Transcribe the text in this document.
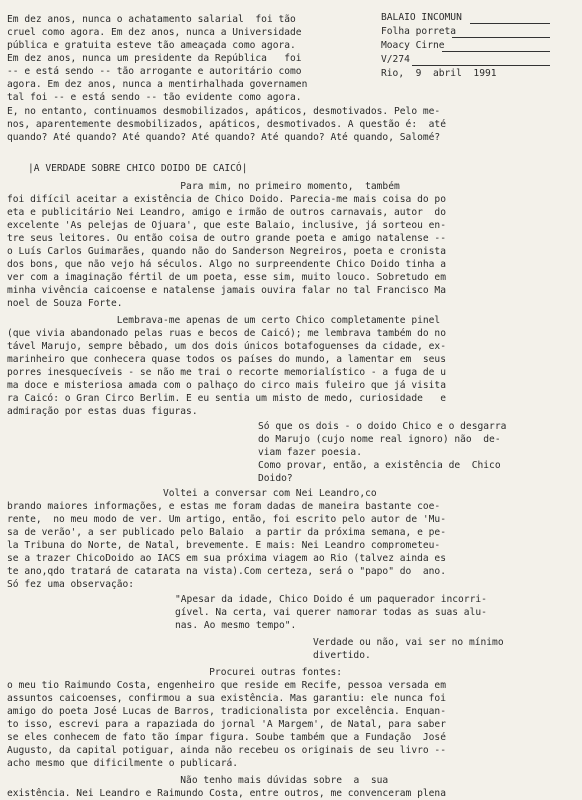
BALAIO INCOMUN
Folha porreta
Moacy Cirne
V/274
Rio,  9  abril  1991

Em dez anos, nunca o achatamento salarial  foi tão

cruel como agora. Em dez anos, nunca a Universidade

pública e gratuita esteve tão ameaçada como agora.

Em dez anos, nunca um presidente da República   foi

-- e está sendo -- tão arrogante e autoritário como

agora. Em dez anos, nunca a mentirhalhada governamen

tal foi -- e está sendo -- tão evidente como agora.

E, no entanto, continuamos desmobilizados, apáticos, desmotivados. Pelo me-

nos, aparentemente desmobilizados, apáticos, desmotivados. A questão é:  até

quando? Até quando? Até quando? Até quando? Até quando? Até quando, Salomé?

|A VERDADE SOBRE CHICO DOIDO DE CAICÓ|

Para mim, no primeiro momento,  também

foi difícil aceitar a existência de Chico Doido. Parecia-me mais coisa do po

eta e publicitário Nei Leandro, amigo e irmão de outros carnavais, autor  do

excelente 'As pelejas de Ojuara', que este Balaio, inclusive, já sorteou en-

tre seus leitores. Ou então coisa de outro grande poeta e amigo natalense --

o Luís Carlos Guimarães, quando não do Sanderson Negreiros, poeta e cronista

dos bons, que não vejo há séculos. Algo no surpreendente Chico Doido tinha a

ver com a imaginação fértil de um poeta, esse sim, muito louco. Sobretudo em

minha vivência caicoense e natalense jamais ouvira falar no tal Francisco Ma

noel de Souza Forte.

Lembrava-me apenas de um certo Chico completamente pinel

(que vivia abandonado pelas ruas e becos de Caicó); me lembrava também do no

tável Marujo, sempre bêbado, um dos dois únicos botafoguenses da cidade, ex-

marinheiro que conhecera quase todos os países do mundo, a lamentar em  seus

porres inesquecíveis - se não me trai o recorte memorialístico - a fuga de u

ma doce e misteriosa amada com o palhaço do circo mais fuleiro que já visita

ra Caicó: o Gran Circo Berlim. E eu sentia um misto de medo, curiosidade   e

admiração por estas duas figuras.

Só que os dois - o doido Chico e o desgarra

do Marujo (cujo nome real ignoro) não  de-

viam fazer poesia.

Como provar, então, a existência de  Chico

Doido?

Voltei a conversar com Nei Leandro,co

brando maiores informações, e estas me foram dadas de maneira bastante coe-

rente,  no meu modo de ver. Um artigo, então, foi escrito pelo autor de 'Mu-

sa de verão', a ser publicado pelo Balaio  a partir da próxima semana, e pe-

la Tribuna do Norte, de Natal, brevemente. E mais: Nei Leandro comprometeu-

se a trazer ChicoDoido ao IACS em sua próxima viagem ao Rio (talvez ainda es

te ano,qdo tratará de catarata na vista).Com certeza, será o "papo" do  ano.

Só fez uma observação:

"Apesar da idade, Chico Doido é um paquerador incorri-

gível. Na certa, vai querer namorar todas as suas alu-

nas. Ao mesmo tempo".

Verdade ou não, vai ser no mínimo

divertido.

Procurei outras fontes:

o meu tio Raimundo Costa, engenheiro que reside em Recife, pessoa versada em

assuntos caicoenses, confirmou a sua existência. Mas garantiu: ele nunca foi

amigo do poeta José Lucas de Barros, tradicionalista por excelência. Enquan-

to isso, escrevi para a rapaziada do jornal 'A Margem', de Natal, para saber

se eles conhecem de fato tão ímpar figura. Soube também que a Fundação  José

Augusto, da capital potiguar, ainda não recebeu os originais de seu livro --

acho mesmo que dificilmente o publicará.

Não tenho mais dúvidas sobre  a  sua

existência. Nei Leandro e Raimundo Costa, entre outros, me convenceram plena
